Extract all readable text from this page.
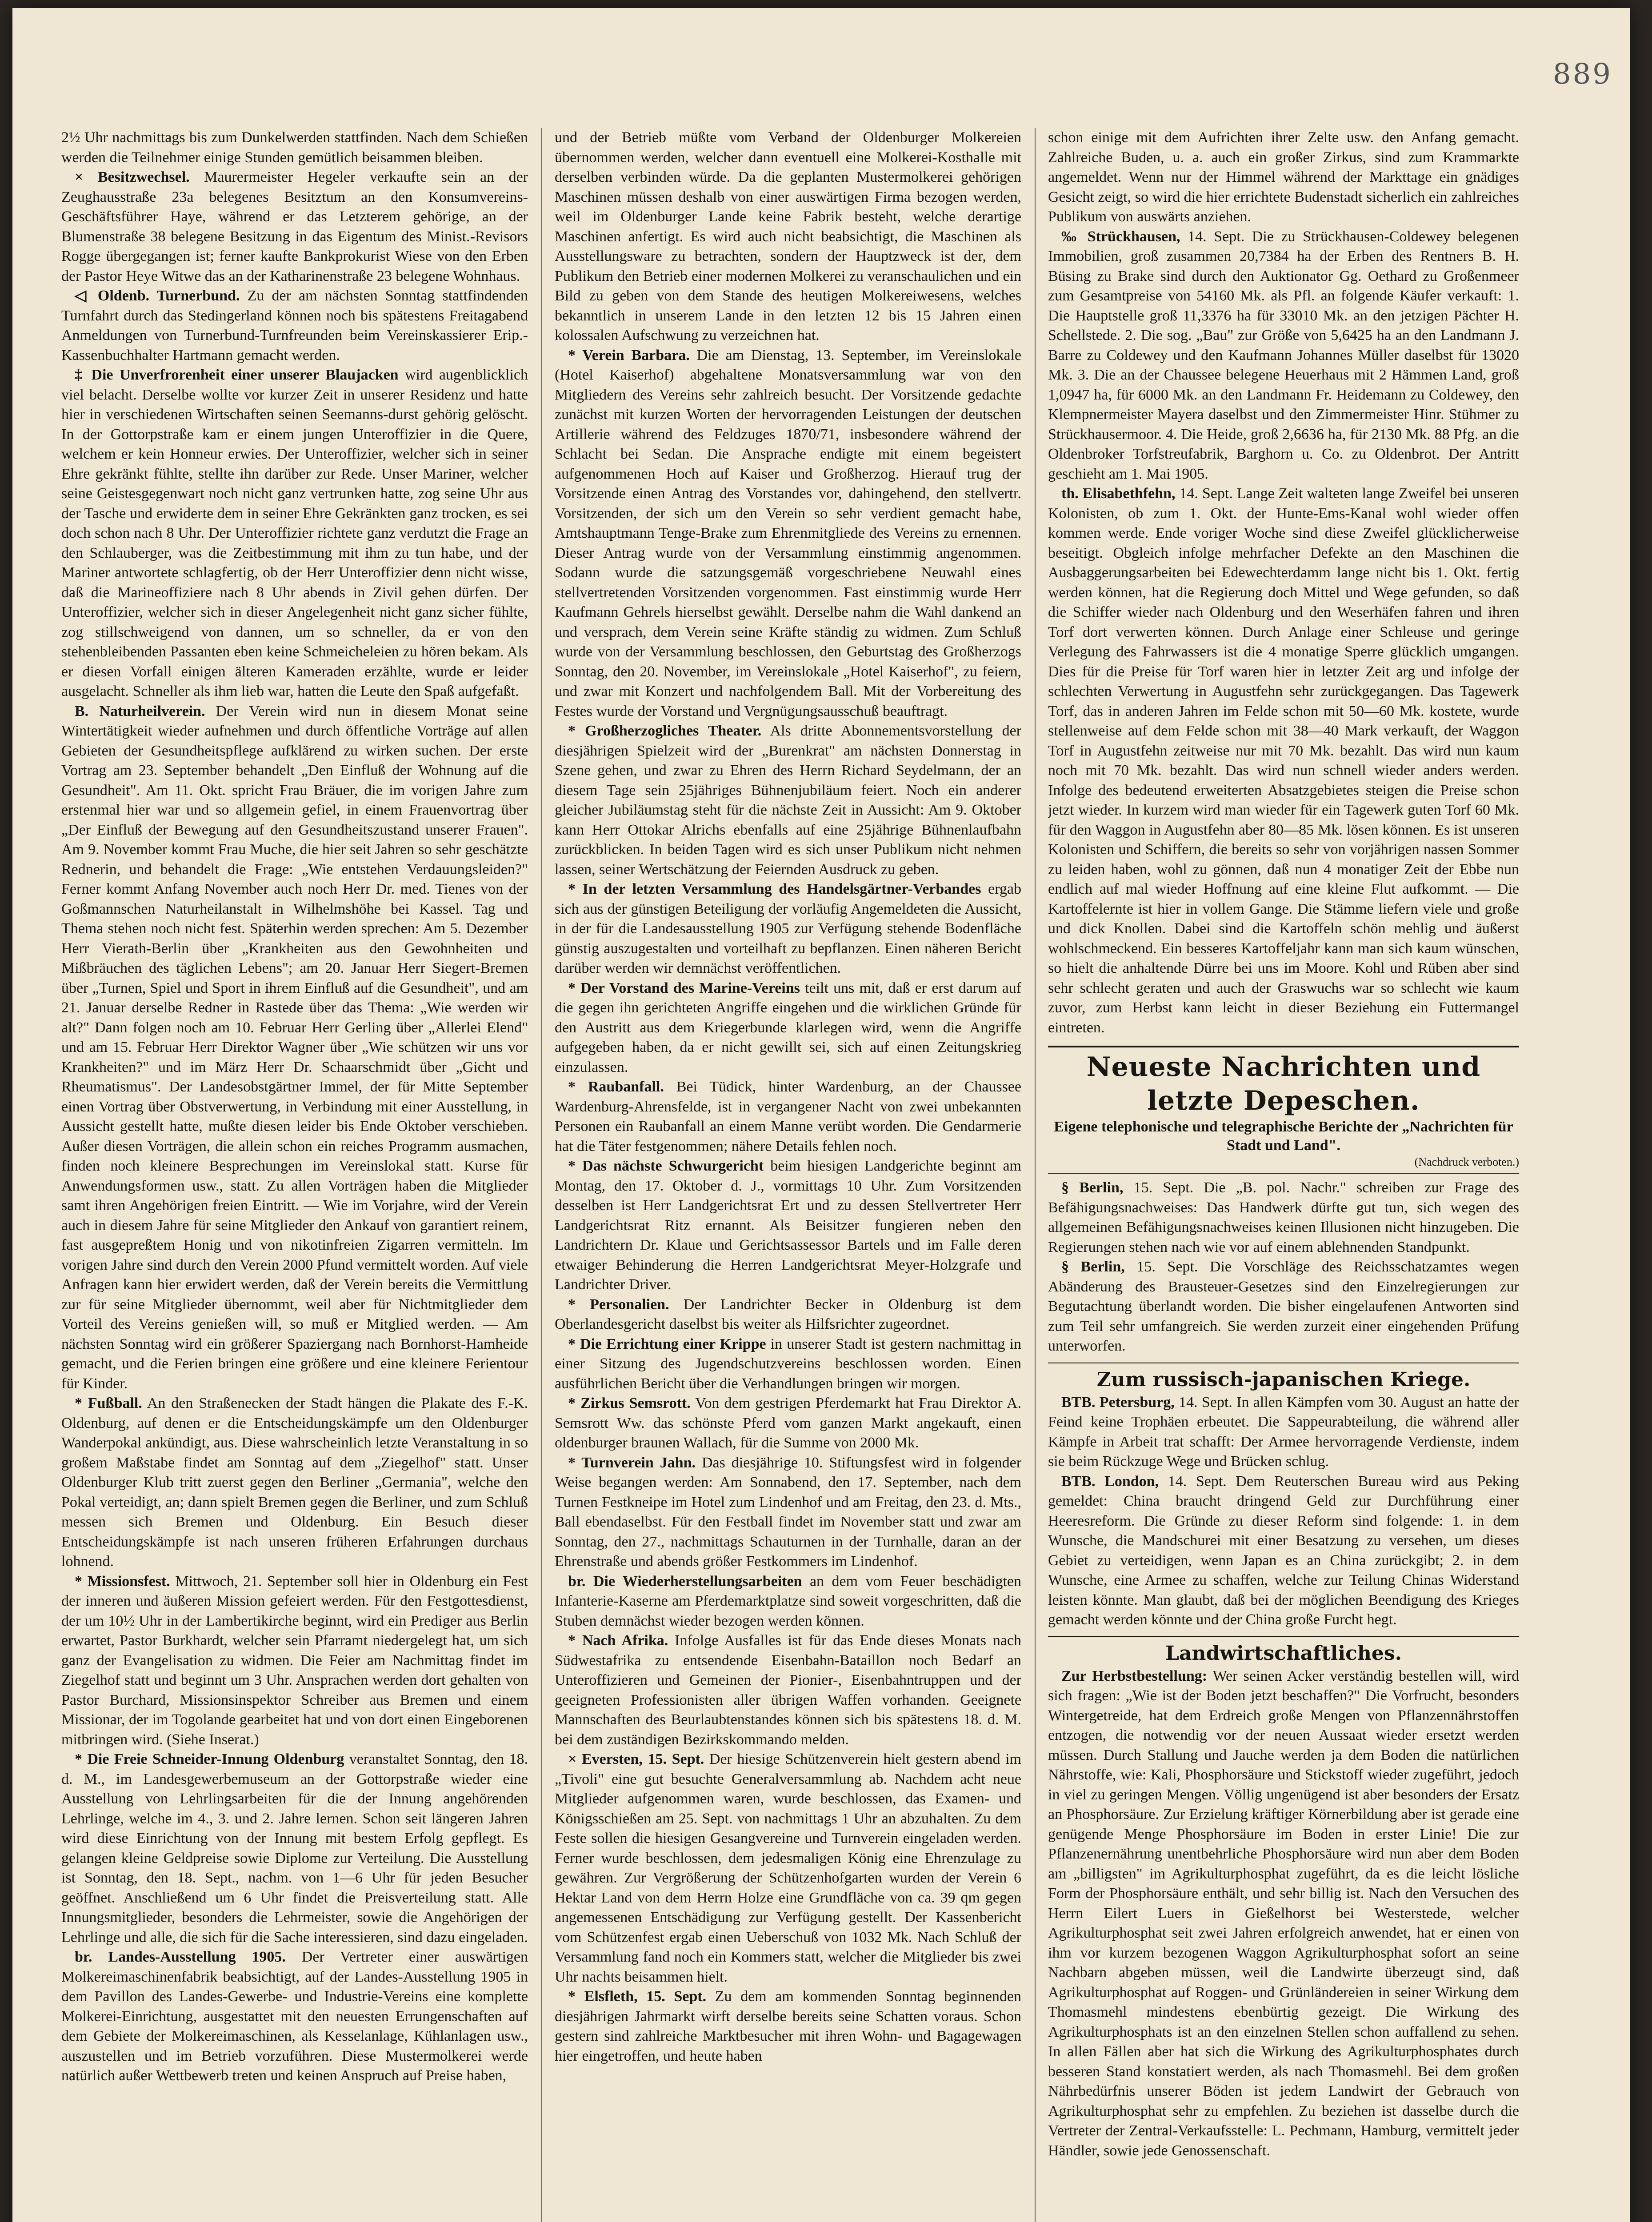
889

2½ Uhr nachmittags bis zum Dunkelwerden stattfinden. Nach dem Schießen werden die Teilnehmer einige Stunden gemütlich beisammen bleiben.

× Besitzwechsel. Maurermeister Hegeler verkaufte sein an der Zeughausstraße 23a belegenes Besitztum an den Konsumvereins-Geschäftsführer Haye, während er das Letzterem gehörige, an der Blumenstraße 38 belegene Besitzung in das Eigentum des Minist.-Revisors Rogge übergegangen ist; ferner kaufte Bankprokurist Wiese von den Erben der Pastor Heye Witwe das an der Katharinenstraße 23 belegene Wohnhaus.

◁ Oldenb. Turnerbund. Zu der am nächsten Sonntag stattfindenden Turnfahrt durch das Stedingerland können noch bis spätestens Freitagabend Anmeldungen von Turnerbund-Turnfreunden beim Vereinskassierer Erip.-Kassenbuchhalter Hartmann gemacht werden.

‡ Die Unverfrorenheit einer unserer Blaujacken wird augenblicklich viel belacht. Derselbe wollte vor kurzer Zeit in unserer Residenz und hatte hier in verschiedenen Wirtschaften seinen Seemanns-durst gehörig gelöscht. In der Gottorpstraße kam er einem jungen Unteroffizier in die Quere, welchem er kein Honneur erwies. Der Unteroffizier, welcher sich in seiner Ehre gekränkt fühlte, stellte ihn darüber zur Rede. Unser Mariner, welcher seine Geistesgegenwart noch nicht ganz vertrunken hatte, zog seine Uhr aus der Tasche und erwiderte dem in seiner Ehre Gekränkten ganz trocken, es sei doch schon nach 8 Uhr. Der Unteroffizier richtete ganz verdutzt die Frage an den Schlauberger, was die Zeitbestimmung mit ihm zu tun habe, und der Mariner antwortete schlagfertig, ob der Herr Unteroffizier denn nicht wisse, daß die Marineoffiziere nach 8 Uhr abends in Zivil gehen dürfen. Der Unteroffizier, welcher sich in dieser Angelegenheit nicht ganz sicher fühlte, zog stillschweigend von dannen, um so schneller, da er von den stehenbleibenden Passanten eben keine Schmeicheleien zu hören bekam. Als er diesen Vorfall einigen älteren Kameraden erzählte, wurde er leider ausgelacht. Schneller als ihm lieb war, hatten die Leute den Spaß aufgefaßt.

B. Naturheilverein. Der Verein wird nun in diesem Monat seine Wintertätigkeit wieder aufnehmen und durch öffentliche Vorträge auf allen Gebieten der Gesundheitspflege aufklärend zu wirken suchen. Der erste Vortrag am 23. September behandelt „Den Einfluß der Wohnung auf die Gesundheit". Am 11. Okt. spricht Frau Bräuer, die im vorigen Jahre zum erstenmal hier war und so allgemein gefiel, in einem Frauenvortrag über „Der Einfluß der Bewegung auf den Gesundheitszustand unserer Frauen". Am 9. November kommt Frau Muche, die hier seit Jahren so sehr geschätzte Rednerin, und behandelt die Frage: „Wie entstehen Verdauungsleiden?" Ferner kommt Anfang November auch noch Herr Dr. med. Tienes von der Goßmannschen Naturheilanstalt in Wilhelmshöhe bei Kassel. Tag und Thema stehen noch nicht fest. Späterhin werden sprechen: Am 5. Dezember Herr Vierath-Berlin über „Krankheiten aus den Gewohnheiten und Mißbräuchen des täglichen Lebens"; am 20. Januar Herr Siegert-Bremen über „Turnen, Spiel und Sport in ihrem Einfluß auf die Gesundheit", und am 21. Januar derselbe Redner in Rastede über das Thema: „Wie werden wir alt?" Dann folgen noch am 10. Februar Herr Gerling über „Allerlei Elend" und am 15. Februar Herr Direktor Wagner über „Wie schützen wir uns vor Krankheiten?" und im März Herr Dr. Schaarschmidt über „Gicht und Rheumatismus". Der Landesobstgärtner Immel, der für Mitte September einen Vortrag über Obstverwertung, in Verbindung mit einer Ausstellung, in Aussicht gestellt hatte, mußte diesen leider bis Ende Oktober verschieben. Außer diesen Vorträgen, die allein schon ein reiches Programm ausmachen, finden noch kleinere Besprechungen im Vereinslokal statt. Kurse für Anwendungsformen usw., statt. Zu allen Vorträgen haben die Mitglieder samt ihren Angehörigen freien Eintritt. — Wie im Vorjahre, wird der Verein auch in diesem Jahre für seine Mitglieder den Ankauf von garantiert reinem, fast ausgepreßtem Honig und von nikotinfreien Zigarren vermitteln. Im vorigen Jahre sind durch den Verein 2000 Pfund vermittelt worden. Auf viele Anfragen kann hier erwidert werden, daß der Verein bereits die Vermittlung zur für seine Mitglieder übernommt, weil aber für Nichtmitglieder dem Vorteil des Vereins genießen will, so muß er Mitglied werden. — Am nächsten Sonntag wird ein größerer Spaziergang nach Bornhorst-Hamheide gemacht, und die Ferien bringen eine größere und eine kleinere Ferientour für Kinder.

* Fußball. An den Straßenecken der Stadt hängen die Plakate des F.-K. Oldenburg, auf denen er die Entscheidungskämpfe um den Oldenburger Wanderpokal ankündigt, aus. Diese wahrscheinlich letzte Veranstaltung in so großem Maßstabe findet am Sonntag auf dem „Ziegelhof" statt. Unser Oldenburger Klub tritt zuerst gegen den Berliner „Germania", welche den Pokal verteidigt, an; dann spielt Bremen gegen die Berliner, und zum Schluß messen sich Bremen und Oldenburg. Ein Besuch dieser Entscheidungskämpfe ist nach unseren früheren Erfahrungen durchaus lohnend.

* Missionsfest. Mittwoch, 21. September soll hier in Oldenburg ein Fest der inneren und äußeren Mission gefeiert werden. Für den Festgottesdienst, der um 10½ Uhr in der Lambertikirche beginnt, wird ein Prediger aus Berlin erwartet, Pastor Burkhardt, welcher sein Pfarramt niedergelegt hat, um sich ganz der Evangelisation zu widmen. Die Feier am Nachmittag findet im Ziegelhof statt und beginnt um 3 Uhr. Ansprachen werden dort gehalten von Pastor Burchard, Missionsinspektor Schreiber aus Bremen und einem Missionar, der im Togolande gearbeitet hat und von dort einen Eingeborenen mitbringen wird. (Siehe Inserat.)

* Die Freie Schneider-Innung Oldenburg veranstaltet Sonntag, den 18. d. M., im Landesgewerbemuseum an der Gottorpstraße wieder eine Ausstellung von Lehrlingsarbeiten für die der Innung angehörenden Lehrlinge, welche im 4., 3. und 2. Jahre lernen. Schon seit längeren Jahren wird diese Einrichtung von der Innung mit bestem Erfolg gepflegt. Es gelangen kleine Geldpreise sowie Diplome zur Verteilung. Die Ausstellung ist Sonntag, den 18. Sept., nachm. von 1—6 Uhr für jeden Besucher geöffnet. Anschließend um 6 Uhr findet die Preisverteilung statt. Alle Innungsmitglieder, besonders die Lehrmeister, sowie die Angehörigen der Lehrlinge und alle, die sich für die Sache interessieren, sind dazu eingeladen.

br. Landes-Ausstellung 1905. Der Vertreter einer auswärtigen Molkereimaschinenfabrik beabsichtigt, auf der Landes-Ausstellung 1905 in dem Pavillon des Landes-Gewerbe- und Industrie-Vereins eine komplette Molkerei-Einrichtung, ausgestattet mit den neuesten Errungenschaften auf dem Gebiete der Molkereimaschinen, als Kesselanlage, Kühlanlagen usw., auszustellen und im Betrieb vorzuführen. Diese Mustermolkerei werde natürlich außer Wettbewerb treten und keinen Anspruch auf Preise haben,

und der Betrieb müßte vom Verband der Oldenburger Molkereien übernommen werden, welcher dann eventuell eine Molkerei-Kosthalle mit derselben verbinden würde. Da die geplanten Mustermolkerei gehörigen Maschinen müssen deshalb von einer auswärtigen Firma bezogen werden, weil im Oldenburger Lande keine Fabrik besteht, welche derartige Maschinen anfertigt. Es wird auch nicht beabsichtigt, die Maschinen als Ausstellungsware zu betrachten, sondern der Hauptzweck ist der, dem Publikum den Betrieb einer modernen Molkerei zu veranschaulichen und ein Bild zu geben von dem Stande des heutigen Molkereiwesens, welches bekanntlich in unserem Lande in den letzten 12 bis 15 Jahren einen kolossalen Aufschwung zu verzeichnen hat.

* Verein Barbara. Die am Dienstag, 13. September, im Vereinslokale (Hotel Kaiserhof) abgehaltene Monatsversammlung war von den Mitgliedern des Vereins sehr zahlreich besucht. Der Vorsitzende gedachte zunächst mit kurzen Worten der hervorragenden Leistungen der deutschen Artillerie während des Feldzuges 1870/71, insbesondere während der Schlacht bei Sedan. Die Ansprache endigte mit einem begeistert aufgenommenen Hoch auf Kaiser und Großherzog. Hierauf trug der Vorsitzende einen Antrag des Vorstandes vor, dahingehend, den stellvertr. Vorsitzenden, der sich um den Verein so sehr verdient gemacht habe, Amtshauptmann Tenge-Brake zum Ehrenmitgliede des Vereins zu ernennen. Dieser Antrag wurde von der Versammlung einstimmig angenommen. Sodann wurde die satzungsgemäß vorgeschriebene Neuwahl eines stellvertretenden Vorsitzenden vorgenommen. Fast einstimmig wurde Herr Kaufmann Gehrels hierselbst gewählt. Derselbe nahm die Wahl dankend an und versprach, dem Verein seine Kräfte ständig zu widmen. Zum Schluß wurde von der Versammlung beschlossen, den Geburtstag des Großherzogs Sonntag, den 20. November, im Vereinslokale „Hotel Kaiserhof", zu feiern, und zwar mit Konzert und nachfolgendem Ball. Mit der Vorbereitung des Festes wurde der Vorstand und Vergnügungsausschuß beauftragt.

* Großherzogliches Theater. Als dritte Abonnementsvorstellung der diesjährigen Spielzeit wird der „Burenkrat" am nächsten Donnerstag in Szene gehen, und zwar zu Ehren des Herrn Richard Seydelmann, der an diesem Tage sein 25jähriges Bühnenjubiläum feiert. Noch ein anderer gleicher Jubiläumstag steht für die nächste Zeit in Aussicht: Am 9. Oktober kann Herr Ottokar Alrichs ebenfalls auf eine 25jährige Bühnenlaufbahn zurückblicken. In beiden Tagen wird es sich unser Publikum nicht nehmen lassen, seiner Wertschätzung der Feiernden Ausdruck zu geben.

* In der letzten Versammlung des Handelsgärtner-Verbandes ergab sich aus der günstigen Beteiligung der vorläufig Angemeldeten die Aussicht, in der für die Landesausstellung 1905 zur Verfügung stehende Bodenfläche günstig auszugestalten und vorteilhaft zu bepflanzen. Einen näheren Bericht darüber werden wir demnächst veröffentlichen.

* Der Vorstand des Marine-Vereins teilt uns mit, daß er erst darum auf die gegen ihn gerichteten Angriffe eingehen und die wirklichen Gründe für den Austritt aus dem Kriegerbunde klarlegen wird, wenn die Angriffe aufgegeben haben, da er nicht gewillt sei, sich auf einen Zeitungskrieg einzulassen.

* Raubanfall. Bei Tüdick, hinter Wardenburg, an der Chaussee Wardenburg-Ahrensfelde, ist in vergangener Nacht von zwei unbekannten Personen ein Raubanfall an einem Manne verübt worden. Die Gendarmerie hat die Täter festgenommen; nähere Details fehlen noch.

* Das nächste Schwurgericht beim hiesigen Landgerichte beginnt am Montag, den 17. Oktober d. J., vormittags 10 Uhr. Zum Vorsitzenden desselben ist Herr Landgerichtsrat Ert und zu dessen Stellvertreter Herr Landgerichtsrat Ritz ernannt. Als Beisitzer fungieren neben den Landrichtern Dr. Klaue und Gerichtsassessor Bartels und im Falle deren etwaiger Behinderung die Herren Landgerichtsrat Meyer-Holzgrafe und Landrichter Driver.

* Personalien. Der Landrichter Becker in Oldenburg ist dem Oberlandesgericht daselbst bis weiter als Hilfsrichter zugeordnet.

* Die Errichtung einer Krippe in unserer Stadt ist gestern nachmittag in einer Sitzung des Jugendschutzvereins beschlossen worden. Einen ausführlichen Bericht über die Verhandlungen bringen wir morgen.

* Zirkus Semsrott. Von dem gestrigen Pferdemarkt hat Frau Direktor A. Semsrott Ww. das schönste Pferd vom ganzen Markt angekauft, einen oldenburger braunen Wallach, für die Summe von 2000 Mk.

* Turnverein Jahn. Das diesjährige 10. Stiftungsfest wird in folgender Weise begangen werden: Am Sonnabend, den 17. September, nach dem Turnen Festkneipe im Hotel zum Lindenhof und am Freitag, den 23. d. Mts., Ball ebendaselbst. Für den Festball findet im November statt und zwar am Sonntag, den 27., nachmittags Schauturnen in der Turnhalle, daran an der Ehrenstraße und abends größer Festkommers im Lindenhof.

br. Die Wiederherstellungsarbeiten an dem vom Feuer beschädigten Infanterie-Kaserne am Pferdemarktplatze sind soweit vorgeschritten, daß die Stuben demnächst wieder bezogen werden können.

* Nach Afrika. Infolge Ausfalles ist für das Ende dieses Monats nach Südwestafrika zu entsendende Eisenbahn-Bataillon noch Bedarf an Unteroffizieren und Gemeinen der Pionier-, Eisenbahntruppen und der geeigneten Professionisten aller übrigen Waffen vorhanden. Geeignete Mannschaften des Beurlaubtenstandes können sich bis spätestens 18. d. M. bei dem zuständigen Bezirkskommando melden.

× Eversten, 15. Sept. Der hiesige Schützenverein hielt gestern abend im „Tivoli" eine gut besuchte Generalversammlung ab. Nachdem acht neue Mitglieder aufgenommen waren, wurde beschlossen, das Examen- und Königsschießen am 25. Sept. von nachmittags 1 Uhr an abzuhalten. Zu dem Feste sollen die hiesigen Gesangvereine und Turnverein eingeladen werden. Ferner wurde beschlossen, dem jedesmaligen König eine Ehrenzulage zu gewähren. Zur Vergrößerung der Schützenhofgarten wurden der Verein 6 Hektar Land von dem Herrn Holze eine Grundfläche von ca. 39 qm gegen angemessenen Entschädigung zur Verfügung gestellt. Der Kassenbericht vom Schützenfest ergab einen Ueberschuß von 1032 Mk. Nach Schluß der Versammlung fand noch ein Kommers statt, welcher die Mitglieder bis zwei Uhr nachts beisammen hielt.

* Elsfleth, 15. Sept. Zu dem am kommenden Sonntag beginnenden diesjährigen Jahrmarkt wirft derselbe bereits seine Schatten voraus. Schon gestern sind zahlreiche Marktbesucher mit ihren Wohn- und Bagagewagen hier eingetroffen, und heute haben

schon einige mit dem Aufrichten ihrer Zelte usw. den Anfang gemacht. Zahlreiche Buden, u. a. auch ein großer Zirkus, sind zum Krammarkte angemeldet. Wenn nur der Himmel während der Markttage ein gnädiges Gesicht zeigt, so wird die hier errichtete Budenstadt sicherlich ein zahlreiches Publikum von auswärts anziehen.

‰ Strückhausen, 14. Sept. Die zu Strückhausen-Coldewey belegenen Immobilien, groß zusammen 20,7384 ha der Erben des Rentners B. H. Büsing zu Brake sind durch den Auktionator Gg. Oethard zu Großenmeer zum Gesamtpreise von 54160 Mk. als Pfl. an folgende Käufer verkauft: 1. Die Hauptstelle groß 11,3376 ha für 33010 Mk. an den jetzigen Pächter H. Schellstede. 2. Die sog. „Bau" zur Größe von 5,6425 ha an den Landmann J. Barre zu Coldewey und den Kaufmann Johannes Müller daselbst für 13020 Mk. 3. Die an der Chaussee belegene Heuerhaus mit 2 Hämmen Land, groß 1,0947 ha, für 6000 Mk. an den Landmann Fr. Heidemann zu Coldewey, den Klempnermeister Mayera daselbst und den Zimmermeister Hinr. Stühmer zu Strückhausermoor. 4. Die Heide, groß 2,6636 ha, für 2130 Mk. 88 Pfg. an die Oldenbroker Torfstreufabrik, Barghorn u. Co. zu Oldenbrot. Der Antritt geschieht am 1. Mai 1905.

th. Elisabethfehn, 14. Sept. Lange Zeit walteten lange Zweifel bei unseren Kolonisten, ob zum 1. Okt. der Hunte-Ems-Kanal wohl wieder offen kommen werde. Ende voriger Woche sind diese Zweifel glücklicherweise beseitigt. Obgleich infolge mehrfacher Defekte an den Maschinen die Ausbaggerungsarbeiten bei Edewechterdamm lange nicht bis 1. Okt. fertig werden können, hat die Regierung doch Mittel und Wege gefunden, so daß die Schiffer wieder nach Oldenburg und den Weserhäfen fahren und ihren Torf dort verwerten können. Durch Anlage einer Schleuse und geringe Verlegung des Fahrwassers ist die 4 monatige Sperre glücklich umgangen. Dies für die Preise für Torf waren hier in letzter Zeit arg und infolge der schlechten Verwertung in Augustfehn sehr zurückgegangen. Das Tagewerk Torf, das in anderen Jahren im Felde schon mit 50—60 Mk. kostete, wurde stellenweise auf dem Felde schon mit 38—40 Mark verkauft, der Waggon Torf in Augustfehn zeitweise nur mit 70 Mk. bezahlt. Das wird nun kaum noch mit 70 Mk. bezahlt. Das wird nun schnell wieder anders werden. Infolge des bedeutend erweiterten Absatzgebietes steigen die Preise schon jetzt wieder. In kurzem wird man wieder für ein Tagewerk guten Torf 60 Mk. für den Waggon in Augustfehn aber 80—85 Mk. lösen können. Es ist unseren Kolonisten und Schiffern, die bereits so sehr von vorjährigen nassen Sommer zu leiden haben, wohl zu gönnen, daß nun 4 monatiger Zeit der Ebbe nun endlich auf mal wieder Hoffnung auf eine kleine Flut aufkommt. — Die Kartoffelernte ist hier in vollem Gange. Die Stämme liefern viele und große und dick Knollen. Dabei sind die Kartoffeln schön mehlig und äußerst wohlschmeckend. Ein besseres Kartoffeljahr kann man sich kaum wünschen, so hielt die anhaltende Dürre bei uns im Moore. Kohl und Rüben aber sind sehr schlecht geraten und auch der Graswuchs war so schlecht wie kaum zuvor, zum Herbst kann leicht in dieser Beziehung ein Futtermangel eintreten.

Neueste Nachrichten und letzte Depeschen.
Eigene telephonische und telegraphische Berichte der „Nachrichten für Stadt und Land".
(Nachdruck verboten.)

§ Berlin, 15. Sept. Die „B. pol. Nachr." schreiben zur Frage des Befähigungsnachweises: Das Handwerk dürfte gut tun, sich wegen des allgemeinen Befähigungsnachweises keinen Illusionen nicht hinzugeben. Die Regierungen stehen nach wie vor auf einem ablehnenden Standpunkt.

§ Berlin, 15. Sept. Die Vorschläge des Reichsschatzamtes wegen Abänderung des Brausteuer-Gesetzes sind den Einzelregierungen zur Begutachtung überlandt worden. Die bisher eingelaufenen Antworten sind zum Teil sehr umfangreich. Sie werden zurzeit einer eingehenden Prüfung unterworfen.

Zum russisch-japanischen Kriege.

BTB. Petersburg, 14. Sept. In allen Kämpfen vom 30. August an hatte der Feind keine Trophäen erbeutet. Die Sappeurabteilung, die während aller Kämpfe in Arbeit trat schafft: Der Armee hervorragende Verdienste, indem sie beim Rückzuge Wege und Brücken schlug.

BTB. London, 14. Sept. Dem Reuterschen Bureau wird aus Peking gemeldet: China braucht dringend Geld zur Durchführung einer Heeresreform. Die Gründe zu dieser Reform sind folgende: 1. in dem Wunsche, die Mandschurei mit einer Besatzung zu versehen, um dieses Gebiet zu verteidigen, wenn Japan es an China zurückgibt; 2. in dem Wunsche, eine Armee zu schaffen, welche zur Teilung Chinas Widerstand leisten könnte. Man glaubt, daß bei der möglichen Beendigung des Krieges gemacht werden könnte und der China große Furcht hegt.

Landwirtschaftliches.

Zur Herbstbestellung: Wer seinen Acker verständig bestellen will, wird sich fragen: „Wie ist der Boden jetzt beschaffen?" Die Vorfrucht, besonders Wintergetreide, hat dem Erdreich große Mengen von Pflanzennährstoffen entzogen, die notwendig vor der neuen Aussaat wieder ersetzt werden müssen. Durch Stallung und Jauche werden ja dem Boden die natürlichen Nährstoffe, wie: Kali, Phosphorsäure und Stickstoff wieder zugeführt, jedoch in viel zu geringen Mengen. Völlig ungenügend ist aber besonders der Ersatz an Phosphorsäure. Zur Erzielung kräftiger Körnerbildung aber ist gerade eine genügende Menge Phosphorsäure im Boden in erster Linie! Die zur Pflanzenernährung unentbehrliche Phosphorsäure wird nun aber dem Boden am „billigsten" im Agrikulturphosphat zugeführt, da es die leicht lösliche Form der Phosphorsäure enthält, und sehr billig ist. Nach den Versuchen des Herrn Eilert Luers in Gießelhorst bei Westerstede, welcher Agrikulturphosphat seit zwei Jahren erfolgreich anwendet, hat er einen von ihm vor kurzem bezogenen Waggon Agrikulturphosphat sofort an seine Nachbarn abgeben müssen, weil die Landwirte überzeugt sind, daß Agrikulturphosphat auf Roggen- und Grünländereien in seiner Wirkung dem Thomasmehl mindestens ebenbürtig gezeigt. Die Wirkung des Agrikulturphosphats ist an den einzelnen Stellen schon auffallend zu sehen. In allen Fällen aber hat sich die Wirkung des Agrikulturphosphates durch besseren Stand konstatiert werden, als nach Thomasmehl. Bei dem großen Nährbedürfnis unserer Böden ist jedem Landwirt der Gebrauch von Agrikulturphosphat sehr zu empfehlen. Zu beziehen ist dasselbe durch die Vertreter der Zentral-Verkaufsstelle: L. Pechmann, Hamburg, vermittelt jeder Händler, sowie jede Genossenschaft.
